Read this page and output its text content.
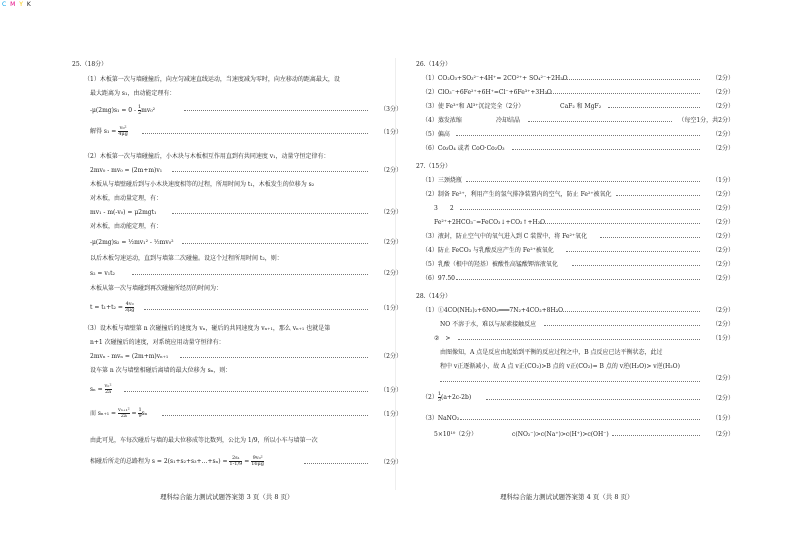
C M Y K
25.（18分）
（1）木板第一次与墙碰撞后，向左匀减速直线运动，当速度减为零时，向左移动的距离最大，设
最大距离为 s₁，由动能定理有：
$-\mu(2mg)s_1 = 0 - \frac{1}{2} mv_0^2$	（3分）
解得 $s_1 = \frac{\text{v₀²}}{4\mu g}$	（1分）
（2）木板第一次与墙碰撞后，小木块与木板相互作用直到有共同速度 v₁，动量守恒定律有：
2mv₀ - mv₀ = (2m+m)v₁	（2分）
木板从与墙壁碰后到与小木块速度相等的过程，所用时间为 t₁，木板发生的位移为 s₂
对木板，由动量定理，有：
mv₁ - m(-v₀) = μ2mgt₁	（2分）
对木板，由动能定理，有：
-μ(2mg)s₂ = ½mv₁² - ½mv₀²	（2分）
以后木板匀速运动，直到与墙第二次碰撞。设这个过程所用时间 t₂，则：
s₂ = v₁t₂	（2分）
木板从第一次与墙碰到再次碰撞所经历的时间为：
$t = t_1+t_2 = \frac{\text{4v₀}}{3\mu g}$	（1分）
（3）设木板与墙壁第 n 次碰撞后的速度为 vₙ，碰后的共同速度为 vₙ₊₁，那么 vₙ₊₁ 也就是第
n+1 次碰撞后的速度，对系统应用动量守恒律有：
2mvₙ - mvₙ = (2m+m)vₙ₊₁	（2分）
设车第 n 次与墙壁相碰后离墙的最大位移为 sₙ，则：
$s_n = \frac{\text{vₙ²}}{2a}$	（1分）
而 $s_{n+1} = \frac{\text{vₙ₊₁²}}{2a} = \frac{1}{9}$ sₙ	（1分）
由此可见，车每次碰后与墙的最大位移成等比数列，公比为 1/9，所以小车与墙第一次
相碰后所走的总路程为 s = 2(s₁+s₂+s₃+…+sₙ) = $\frac{\text{2s₁}}{1-1/9} = \frac{\text{9v₀²}}{16\mu g}$	（2分）
理科综合能力测试试题答案第 3 页（共 8 页）
26.（14分）
（1）CO₂O₃+SO₃²⁻+4H⁺= 2CO²⁺+ SO₄²⁻+2H₂O	（2分）
（2）ClO₃⁻+6Fe²⁺+6H⁺=Cl⁻+6Fe³⁺+3H₂O	（2分）
（3）使 Fe³⁺和 Al³⁺沉淀完全（2分）	CaF₂ 和 MgF₂	（2分）
（4）蒸发浓缩	冷却结晶	（每空1分，共2分）
（5）偏高	（2分）
（6）Co₃O₄ 或者 CoO·Co₂O₃	（2分）
27.（15分）
（1）三颈烧瓶	（1分）
（2）制备 Fe²⁺，利用产生的氢气排净装置内的空气，防止 Fe²⁺被氧化	（2分）
3　　2	（2分）
Fe²⁺+2HCO₃⁻=FeCO₃↓+CO₂↑+H₂O	（2分）
（3）液封，防止空气中的氧气进入到 C 装置中，将 Fe²⁺氧化	（2分）
（4）防止 FeCO₃ 与乳酸反应产生的 Fe²⁺被氧化	（2分）
（5）乳酸（根中的羟基）被酸性高锰酸钾溶液氧化	（2分）
（6）97.50	（2分）
28.（14分）
（1）①4CO(NH₂)₂+6NO₂═══7N₂+4CO₂+8H₂O	（2分）
NO 不溶于水，难以与尿素接触反应	（2分）
②　>	（1分）
由图像知，A 点是反应由起始到平衡的反应过程之中，B 点反应已达平衡状态，此过
程中 v正逐渐减小，故 A 点 v正(CO₂)>B 点的 v正(CO₂)= B 点的 v逆(H₂O)> v逆(H₂O)
（2分）
$(2) \frac{1}{3} (a+2c-2b)$	（2分）
（3）NaNO₂	（1分）
5×10¹⁰（2分）	c(NO₂⁻)>c(Na⁺)>c(H⁺)>c(OH⁻)	（2分）
理科综合能力测试试题答案第 4 页（共 8 页）
